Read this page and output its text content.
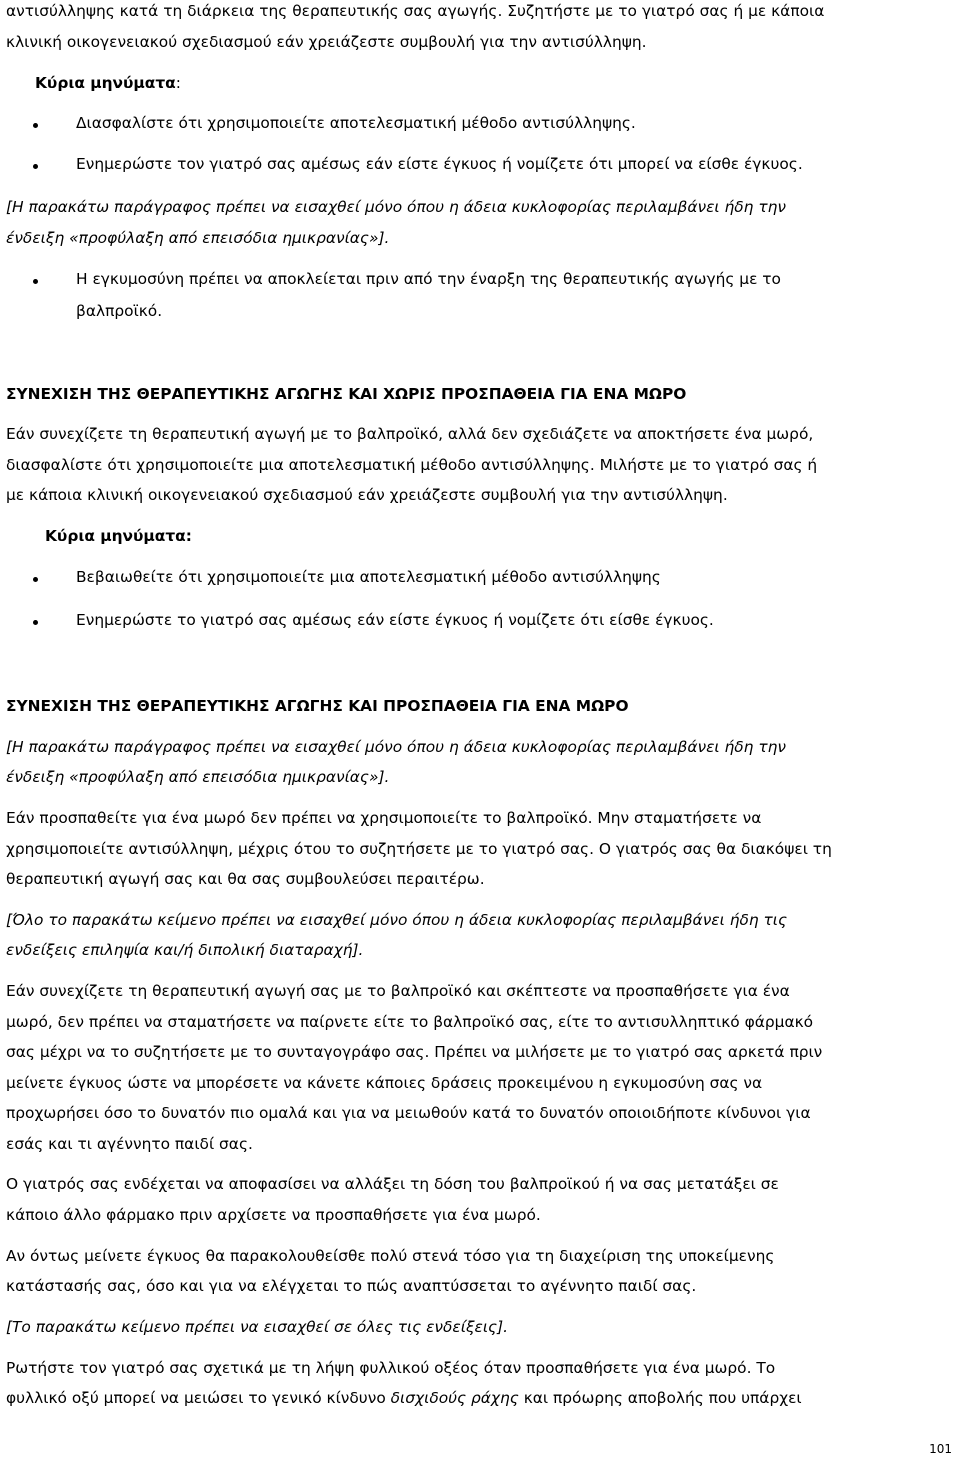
αντισύλληψης κατά τη διάρκεια της θεραπευτικής σας αγωγής. Συζητήστε με το γιατρό σας ή με κάποια
κλινική οικογενειακού σχεδιασμού εάν χρειάζεστε συμβουλή για την αντισύλληψη.
Κύρια μηνύματα:
Διασφαλίστε ότι χρησιμοποιείτε αποτελεσματική μέθοδο αντισύλληψης.
Ενημερώστε τον γιατρό σας αμέσως εάν είστε έγκυος ή νομίζετε ότι μπορεί να είσθε έγκυος.
[Η παρακάτω παράγραφος πρέπει να εισαχθεί μόνο όπου η άδεια κυκλοφορίας περιλαμβάνει ήδη την
ένδειξη «προφύλαξη από επεισόδια ημικρανίας»].
Η εγκυμοσύνη πρέπει να αποκλείεται πριν από την έναρξη της θεραπευτικής αγωγής με το
βαλπροϊκό.
ΣΥΝΕΧΙΣΗ ΤΗΣ ΘΕΡΑΠΕΥΤΙΚΗΣ ΑΓΩΓΗΣ ΚΑΙ ΧΩΡΙΣ ΠΡΟΣΠΑΘΕΙΑ ΓΙΑ ΕΝΑ ΜΩΡΟ
Εάν συνεχίζετε τη θεραπευτική αγωγή με το βαλπροϊκό, αλλά δεν σχεδιάζετε να αποκτήσετε ένα μωρό,
διασφαλίστε ότι χρησιμοποιείτε μια αποτελεσματική μέθοδο αντισύλληψης. Μιλήστε με το γιατρό σας ή
με κάποια κλινική οικογενειακού σχεδιασμού εάν χρειάζεστε συμβουλή για την αντισύλληψη.
Κύρια μηνύματα:
Βεβαιωθείτε ότι χρησιμοποιείτε μια αποτελεσματική μέθοδο αντισύλληψης
Ενημερώστε το γιατρό σας αμέσως εάν είστε έγκυος ή νομίζετε ότι είσθε έγκυος.
ΣΥΝΕΧΙΣΗ ΤΗΣ ΘΕΡΑΠΕΥΤΙΚΗΣ ΑΓΩΓΗΣ ΚΑΙ ΠΡΟΣΠΑΘΕΙΑ ΓΙΑ ΕΝΑ ΜΩΡΟ
[Η παρακάτω παράγραφος πρέπει να εισαχθεί μόνο όπου η άδεια κυκλοφορίας περιλαμβάνει ήδη την
ένδειξη «προφύλαξη από επεισόδια ημικρανίας»].
Εάν προσπαθείτε για ένα μωρό δεν πρέπει να χρησιμοποιείτε το βαλπροϊκό. Μην σταματήσετε να
χρησιμοποιείτε αντισύλληψη, μέχρις ότου το συζητήσετε με το γιατρό σας. Ο γιατρός σας θα διακόψει τη
θεραπευτική αγωγή σας και θα σας συμβουλεύσει περαιτέρω.
[Όλο το παρακάτω κείμενο πρέπει να εισαχθεί μόνο όπου η άδεια κυκλοφορίας περιλαμβάνει ήδη τις
ενδείξεις επιληψία και/ή διπολική διαταραχή].
Εάν συνεχίζετε τη θεραπευτική αγωγή σας με το βαλπροϊκό και σκέπτεστε να προσπαθήσετε για ένα
μωρό, δεν πρέπει να σταματήσετε να παίρνετε είτε το βαλπροϊκό σας, είτε το αντισυλληπτικό φάρμακό
σας μέχρι να το συζητήσετε με το συνταγογράφο σας. Πρέπει να μιλήσετε με το γιατρό σας αρκετά πριν
μείνετε έγκυος ώστε να μπορέσετε να κάνετε κάποιες δράσεις προκειμένου η εγκυμοσύνη σας να
προχωρήσει όσο το δυνατόν πιο ομαλά και για να μειωθούν κατά το δυνατόν οποιοιδήποτε κίνδυνοι για
εσάς και τι αγέννητο παιδί σας.
Ο γιατρός σας ενδέχεται να αποφασίσει να αλλάξει τη δόση του βαλπροϊκού ή να σας μετατάξει σε
κάποιο άλλο φάρμακο πριν αρχίσετε να προσπαθήσετε για ένα μωρό.
Αν όντως μείνετε έγκυος θα παρακολουθείσθε πολύ στενά τόσο για τη διαχείριση της υποκείμενης
κατάστασής σας, όσο και για να ελέγχεται το πώς αναπτύσσεται το αγέννητο παιδί σας.
[Το παρακάτω κείμενο πρέπει να εισαχθεί σε όλες τις ενδείξεις].
Ρωτήστε τον γιατρό σας σχετικά με τη λήψη φυλλικού οξέος όταν προσπαθήσετε για ένα μωρό. Το
φυλλικό οξύ μπορεί να μειώσει το γενικό κίνδυνο δισχιδούς ράχης και πρόωρης αποβολής που υπάρχει
101
